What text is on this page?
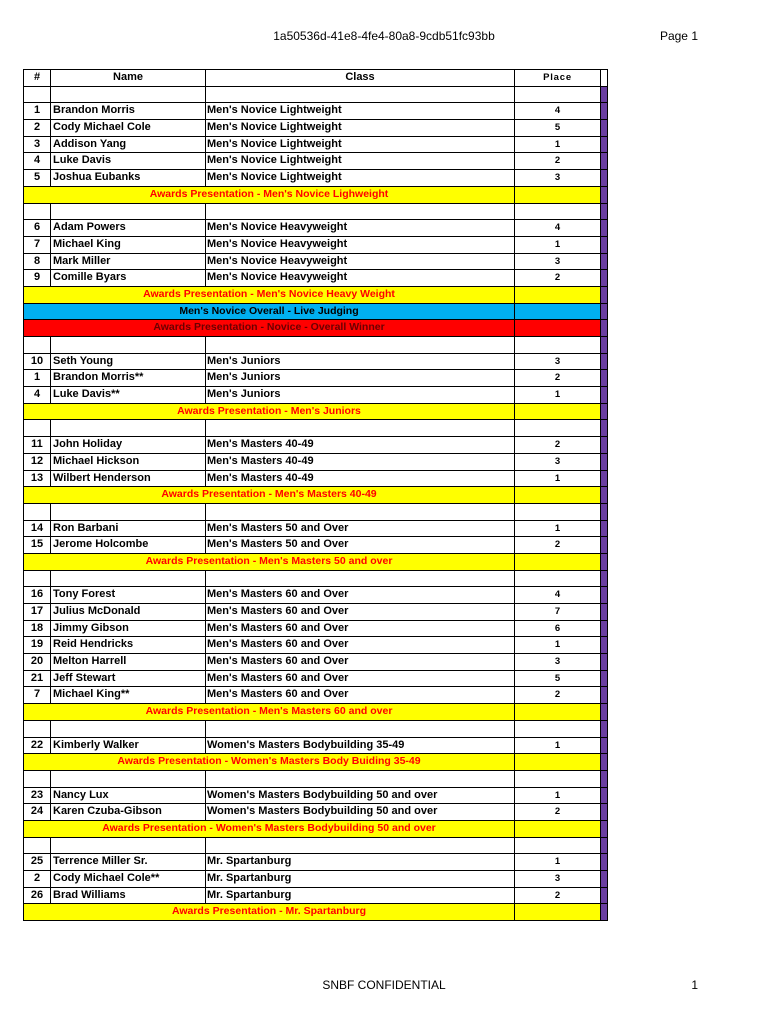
1a50536d-41e8-4fe4-80a8-9cdb51fc93bb	Page 1
#	Name	Class	Place
1	Brandon Morris	Men's Novice Lightweight	4
2	Cody Michael Cole	Men's Novice Lightweight	5
3	Addison Yang	Men's Novice Lightweight	1
4	Luke Davis	Men's Novice Lightweight	2
5	Joshua Eubanks	Men's Novice Lightweight	3
Awards Presentation - Men's Novice Lighweight
6	Adam Powers	Men's Novice Heavyweight	4
7	Michael King	Men's Novice Heavyweight	1
8	Mark Miller	Men's Novice Heavyweight	3
9	Comille Byars	Men's Novice Heavyweight	2
Awards Presentation - Men's Novice Heavy Weight
Men's Novice Overall - Live Judging
Awards Presentation - Novice - Overall Winner
10 Seth Young	Men's Juniors	3
1	Brandon Morris**	Men's Juniors	2
4	Luke Davis**	Men's Juniors	1
Awards Presentation - Men's Juniors
11 John Holiday	Men's Masters 40-49	2
12 Michael Hickson	Men's Masters 40-49	3
13 Wilbert Henderson	Men's Masters 40-49	1
Awards Presentation - Men's Masters 40-49
14 Ron Barbani	Men's Masters 50 and Over	1
15 Jerome Holcombe	Men's Masters 50 and Over	2
Awards Presentation - Men's Masters 50 and over
16 Tony Forest	Men's Masters 60 and Over	4
17 Julius McDonald	Men's Masters 60 and Over	7
18 Jimmy Gibson	Men's Masters 60 and Over	6
19 Reid Hendricks	Men's Masters 60 and Over	1
20 Melton Harrell	Men's Masters 60 and Over	3
21 Jeff Stewart	Men's Masters 60 and Over	5
7	Michael King**	Men's Masters 60 and Over	2
Awards Presentation - Men's Masters 60 and over
22 Kimberly Walker	Women's Masters Bodybuilding 35-49	1
Awards Presentation - Women's Masters Body Buiding 35-49
23 Nancy Lux	Women's Masters Bodybuilding 50 and over	1
24 Karen Czuba-Gibson	Women's Masters Bodybuilding 50 and over	2
Awards Presentation - Women's Masters Bodybuilding 50 and over
25 Terrence Miller Sr.	Mr. Spartanburg	1
2	Cody Michael Cole**	Mr. Spartanburg	3
26 Brad Williams	Mr. Spartanburg	2
Awards Presentation - Mr. Spartanburg
SNBF CONFIDENTIAL	1
